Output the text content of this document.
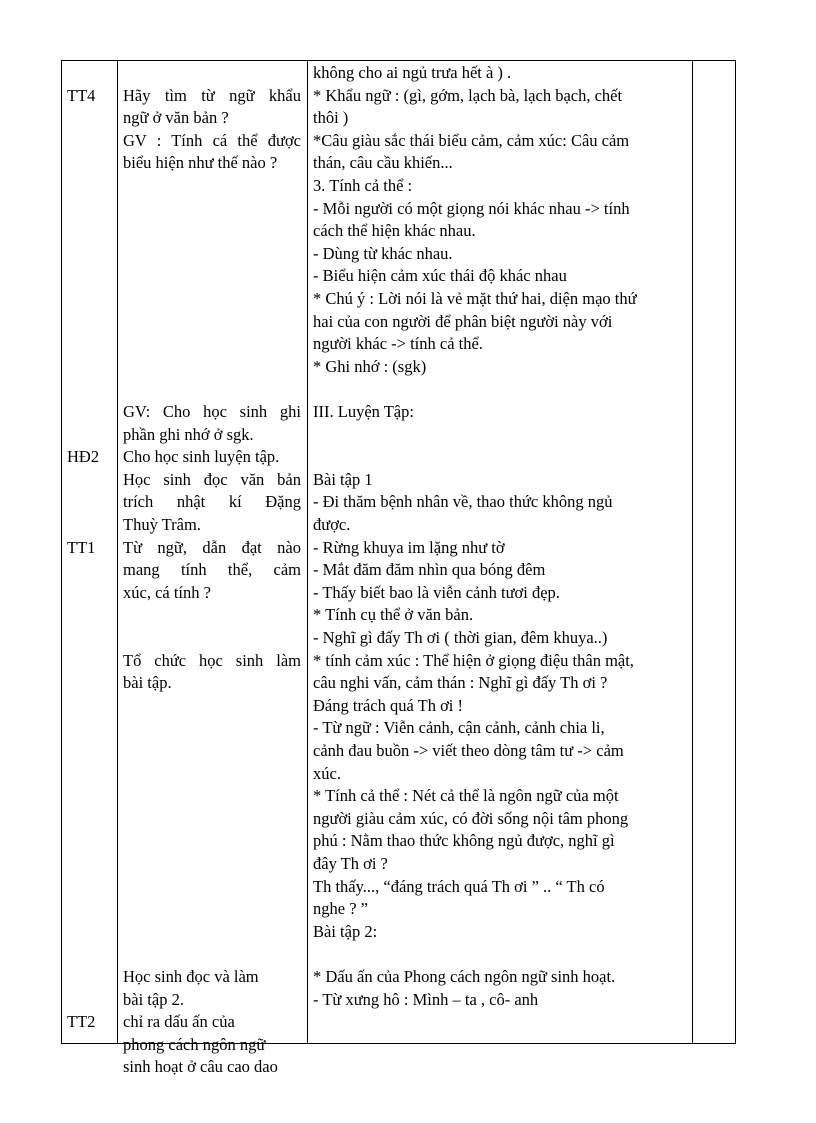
TT4
HĐ2
TT1
TT2
Hãy tìm từ ngữ khẩu
ngữ ở văn bản ?
GV : Tính cá thể được
biểu hiện như thế nào ?
GV: Cho học sinh ghi
phần ghi nhớ ở sgk.
Cho học sinh luyện tập.
Học sinh đọc văn bản
trích nhật kí Đặng
Thuỳ Trâm.
Từ ngữ, dẫn đạt nào
mang tính thể, cảm
xúc, cá tính ?
Tổ chức học sinh làm
bài tập.
Học sinh đọc và làm
bài tập 2.
chỉ ra dấu ấn của
phong cách ngôn ngữ
sinh hoạt ở câu cao dao
không cho ai ngủ trưa hết à ) .
* Khẩu ngữ : (gì, gớm, lạch bà, lạch bạch, chết
thôi )
*Câu giàu sắc thái biểu cảm, cảm xúc: Câu cảm
thán, câu cầu khiến...
3. Tính cả thể :
- Mỗi người có một giọng nói khác nhau -> tính
cách thể hiện khác nhau.
- Dùng từ khác nhau.
- Biểu hiện cảm xúc thái độ khác nhau
* Chú ý : Lời nói là vẻ mặt thứ hai, diện mạo thứ
hai của con người để phân biệt người này với
người khác -> tính cả thể.
* Ghi nhớ : (sgk)
III. Luyện Tập:
Bài tập 1
- Đi thăm bệnh nhân về, thao thức không ngủ
được.
- Rừng khuya im lặng như tờ
- Mắt đăm đăm nhìn qua bóng đêm
- Thấy biết bao là viễn cảnh tươi đẹp.
* Tính cụ thể ở văn bản.
- Nghĩ gì đấy Th ơi ( thời gian, đêm khuya..)
* tính cảm xúc : Thể hiện ở giọng điệu thân mật,
câu nghi vấn, cảm thán : Nghĩ gì đấy Th ơi ?
Đáng trách quá Th ơi !
- Từ ngữ : Viễn cảnh, cận cảnh, cảnh chia li,
cảnh đau buồn -> viết theo dòng tâm tư -> cảm
xúc.
* Tính cả thể : Nét cả thể là ngôn ngữ của một
người giàu cảm xúc, có đời sống nội tâm phong
phú : Nằm thao thức không ngủ được, nghĩ gì
đây Th ơi ?
Th thấy..., “đáng trách quá Th ơi ” .. “ Th có
nghe ? ”
Bài tập 2:
* Dấu ấn của Phong cách ngôn ngữ sinh hoạt.
- Từ xưng hô : Mình – ta , cô- anh
